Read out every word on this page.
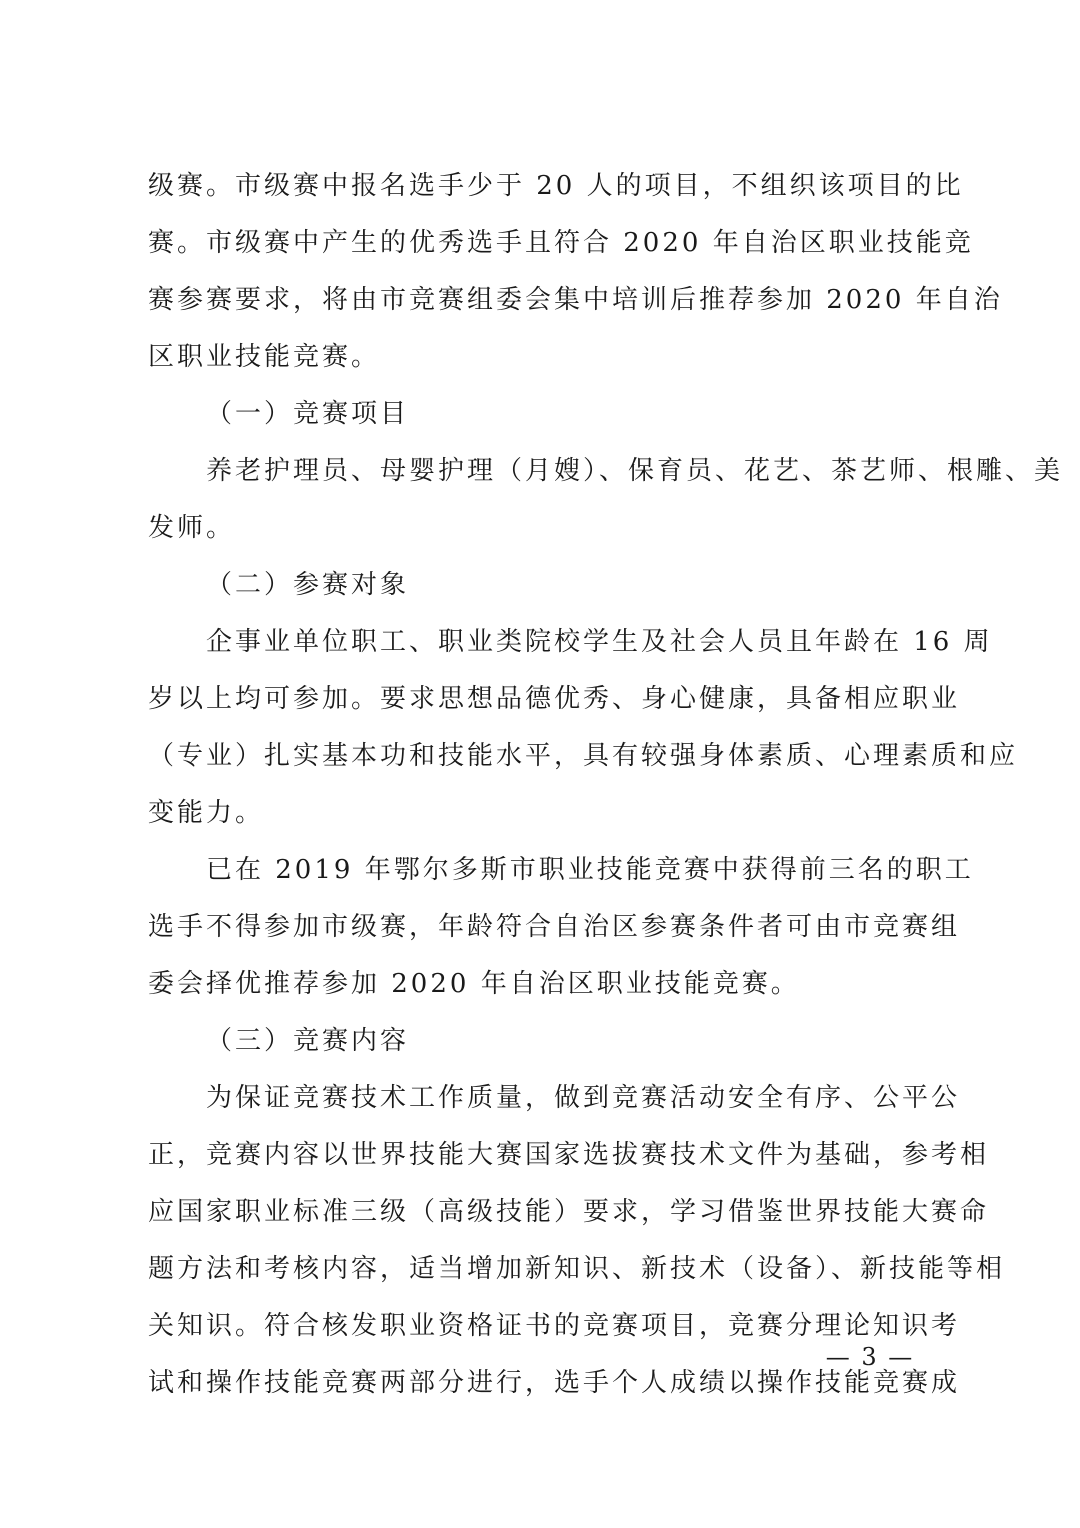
级赛。市级赛中报名选手少于 20 人的项目，不组织该项目的比
赛。市级赛中产生的优秀选手且符合 2020 年自治区职业技能竞
赛参赛要求，将由市竞赛组委会集中培训后推荐参加 2020 年自治
区职业技能竞赛。
（一）竞赛项目
养老护理员、母婴护理（月嫂）、保育员、花艺、茶艺师、根雕、美
发师。
（二）参赛对象
企事业单位职工、职业类院校学生及社会人员且年龄在 16 周
岁以上均可参加。要求思想品德优秀、身心健康，具备相应职业
（专业）扎实基本功和技能水平，具有较强身体素质、心理素质和应
变能力。
已在 2019 年鄂尔多斯市职业技能竞赛中获得前三名的职工
选手不得参加市级赛，年龄符合自治区参赛条件者可由市竞赛组
委会择优推荐参加 2020 年自治区职业技能竞赛。
（三）竞赛内容
为保证竞赛技术工作质量，做到竞赛活动安全有序、公平公
正，竞赛内容以世界技能大赛国家选拔赛技术文件为基础，参考相
应国家职业标准三级（高级技能）要求，学习借鉴世界技能大赛命
题方法和考核内容，适当增加新知识、新技术（设备）、新技能等相
关知识。符合核发职业资格证书的竞赛项目，竞赛分理论知识考
试和操作技能竞赛两部分进行，选手个人成绩以操作技能竞赛成
— 3 —
